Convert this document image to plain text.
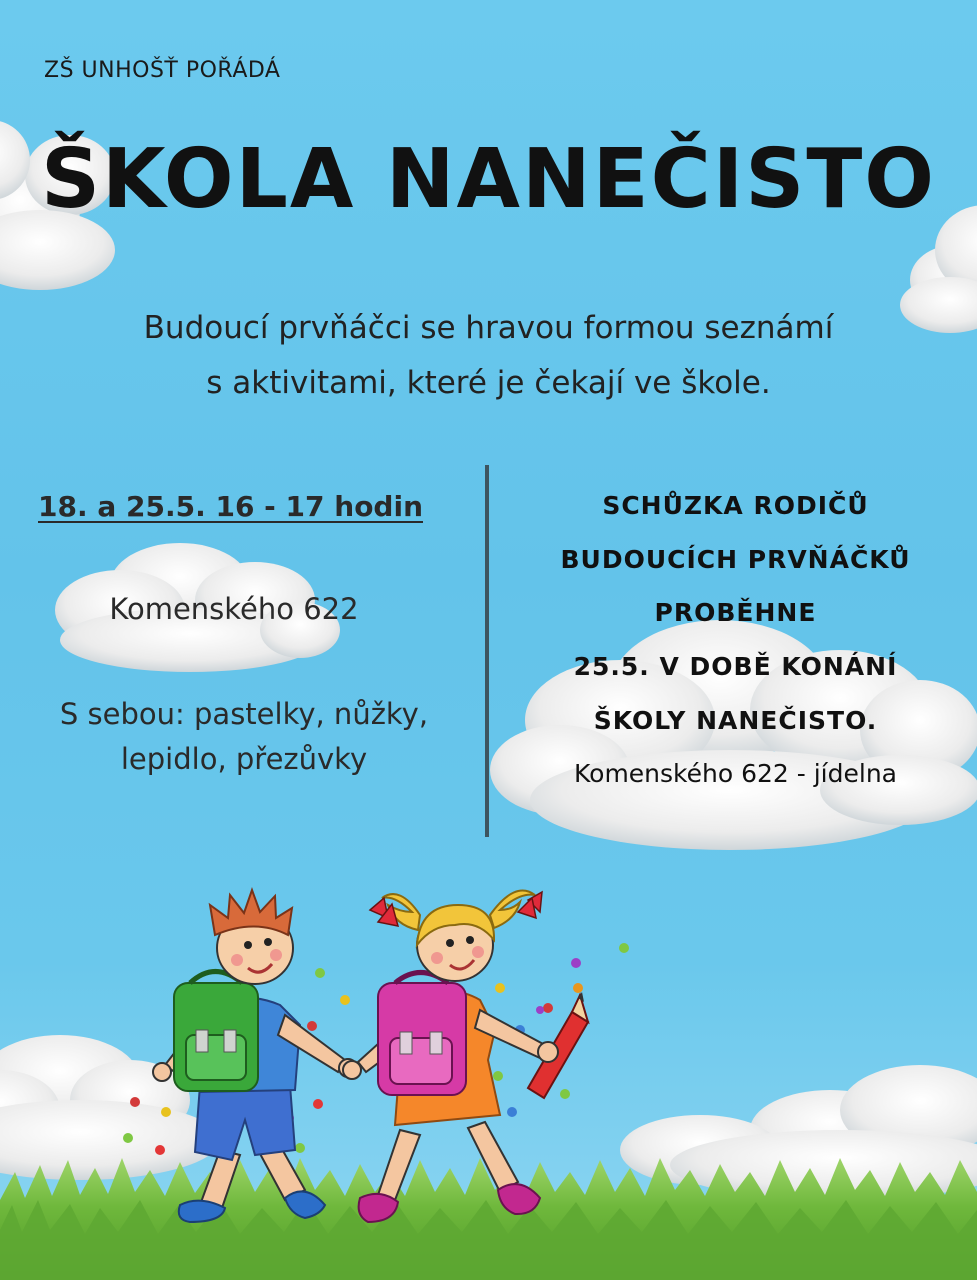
ZŠ UNHOŠŤ POŘÁDÁ

ŠKOLA NANEČISTO

Budoucí prvňáčci se hravou formou seznámí

s aktivitami, které je čekají ve škole.

18. a 25.5. 16 - 17 hodin

Komenského 622

S sebou: pastelky, nůžky,

lepidlo, přezůvky

SCHŮZKA RODIČŮ

BUDOUCÍCH PRVŇÁČKŮ

PROBĚHNE

25.5. V DOBĚ KONÁNÍ

ŠKOLY NANEČISTO.

Komenského 622 - jídelna
